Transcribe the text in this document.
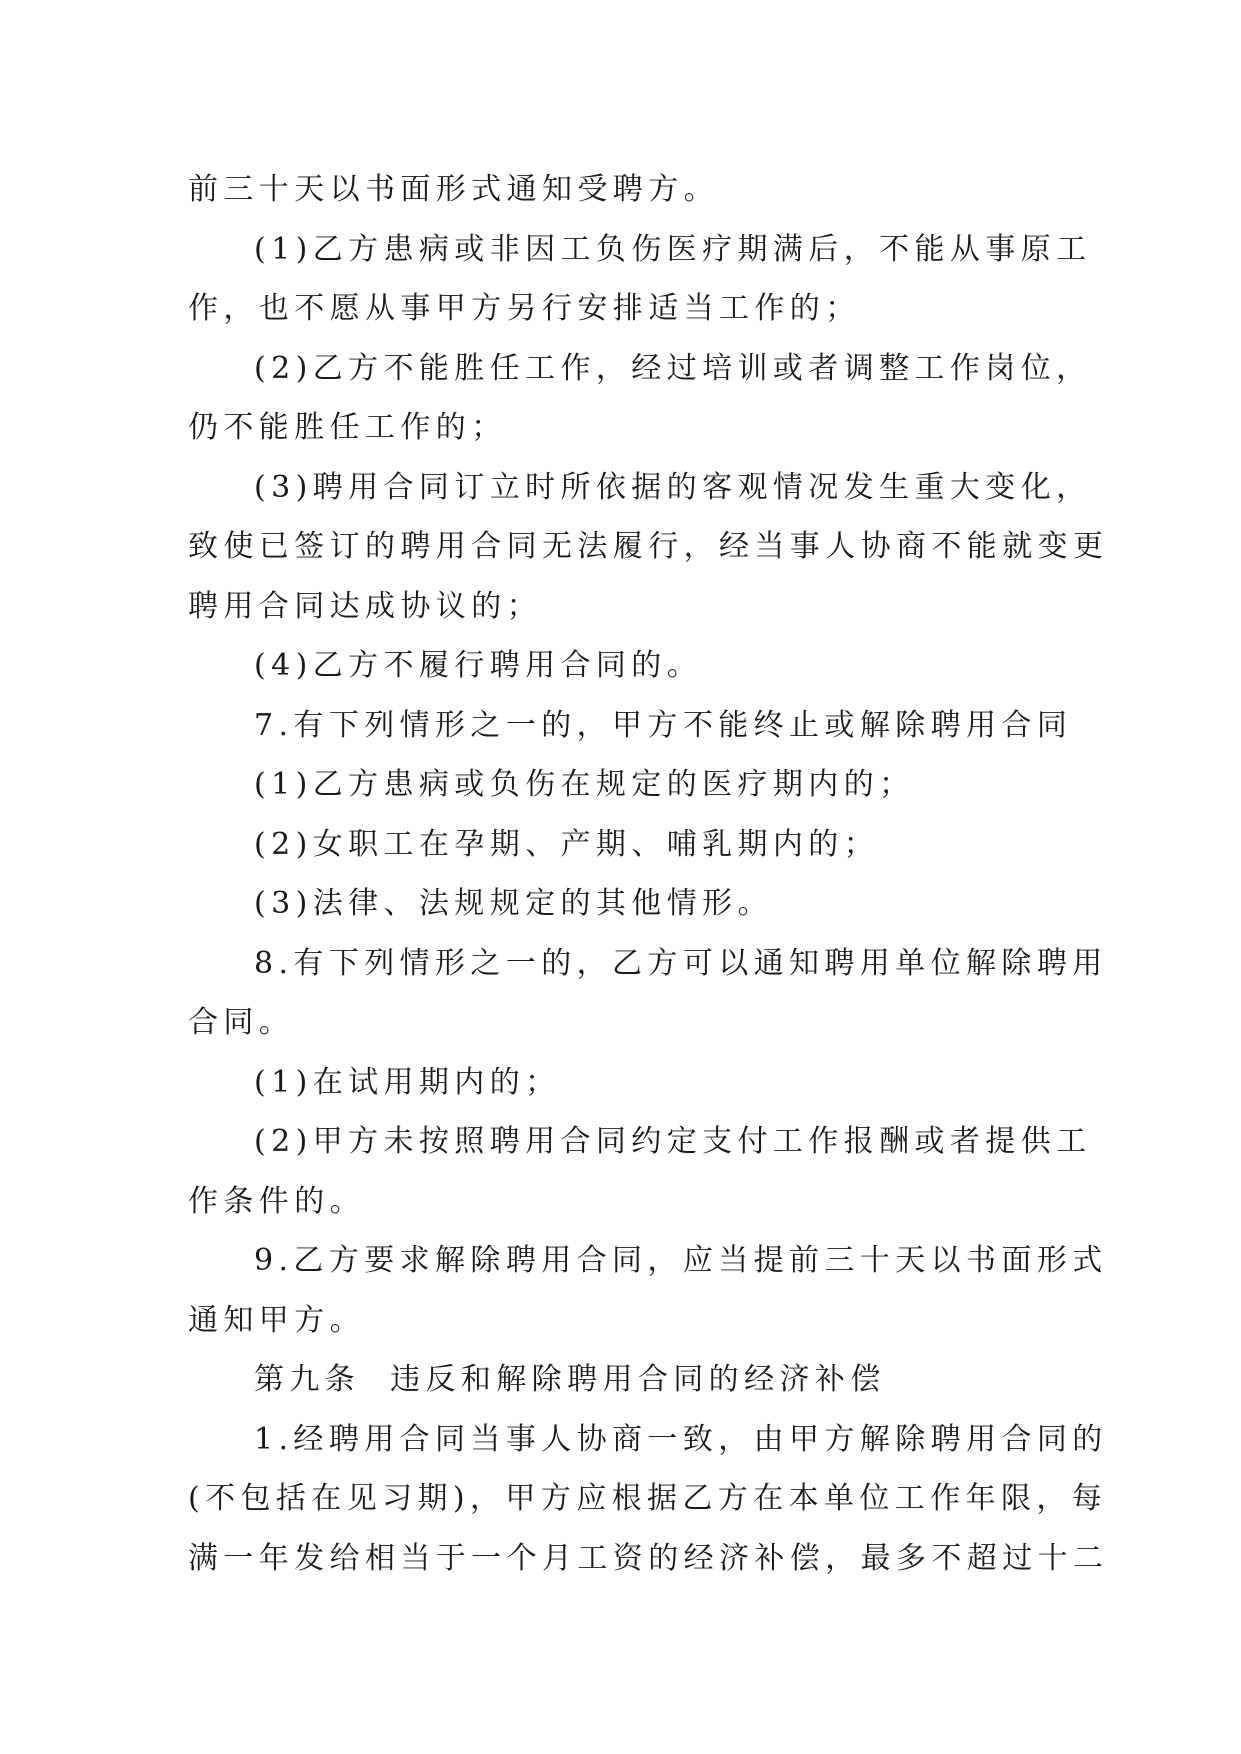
前三十天以书面形式通知受聘方。

(1)乙方患病或非因工负伤医疗期满后，不能从事原工

作，也不愿从事甲方另行安排适当工作的；

(2)乙方不能胜任工作，经过培训或者调整工作岗位，

仍不能胜任工作的；

(3)聘用合同订立时所依据的客观情况发生重大变化，

致使已签订的聘用合同无法履行，经当事人协商不能就变更

聘用合同达成协议的；

(4)乙方不履行聘用合同的。

7.有下列情形之一的，甲方不能终止或解除聘用合同

(1)乙方患病或负伤在规定的医疗期内的；

(2)女职工在孕期、产期、哺乳期内的；

(3)法律、法规规定的其他情形。

8.有下列情形之一的，乙方可以通知聘用单位解除聘用

合同。

(1)在试用期内的；

(2)甲方未按照聘用合同约定支付工作报酬或者提供工

作条件的。

9.乙方要求解除聘用合同，应当提前三十天以书面形式

通知甲方。

第九条  违反和解除聘用合同的经济补偿

1.经聘用合同当事人协商一致，由甲方解除聘用合同的

(不包括在见习期)，甲方应根据乙方在本单位工作年限，每

满一年发给相当于一个月工资的经济补偿，最多不超过十二
